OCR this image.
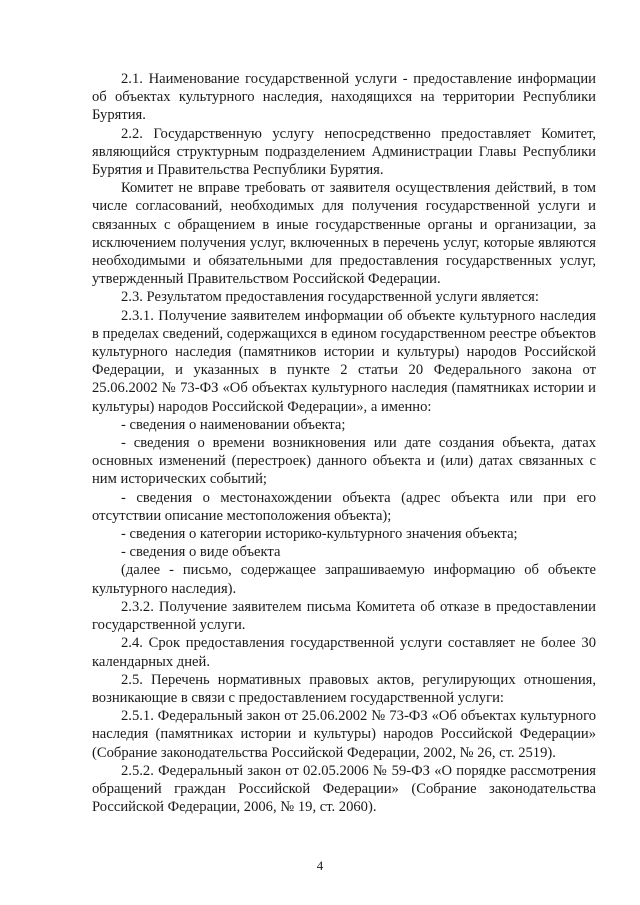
2.1. Наименование государственной услуги - предоставление информации об объектах культурного наследия, находящихся на территории Республики Бурятия.

2.2. Государственную услугу непосредственно предоставляет Комитет, являющийся структурным подразделением Администрации Главы Республики Бурятия и Правительства Республики Бурятия.

Комитет не вправе требовать от заявителя осуществления действий, в том числе согласований, необходимых для получения государственной услуги и связанных с обращением в иные государственные органы и организации, за исключением получения услуг, включенных в перечень услуг, которые являются необходимыми и обязательными для предоставления государственных услуг, утвержденный Правительством Российской Федерации.

2.3. Результатом предоставления государственной услуги является:

2.3.1. Получение заявителем информации об объекте культурного наследия в пределах сведений, содержащихся в едином государственном реестре объектов культурного наследия (памятников истории и культуры) народов Российской Федерации, и указанных в пункте 2 статьи 20 Федерального закона от 25.06.2002 № 73-ФЗ «Об объектах культурного наследия (памятниках истории и культуры) народов Российской Федерации», а именно:

- сведения о наименовании объекта;

- сведения о времени возникновения или дате создания объекта, датах основных изменений (перестроек) данного объекта и (или) датах связанных с ним исторических событий;

- сведения о местонахождении объекта (адрес объекта или при его отсутствии описание местоположения объекта);

- сведения о категории историко-культурного значения объекта;

- сведения о виде объекта

(далее - письмо, содержащее запрашиваемую информацию об объекте культурного наследия).

2.3.2. Получение заявителем письма Комитета об отказе в предоставлении государственной услуги.

2.4. Срок предоставления государственной услуги составляет не более 30 календарных дней.

2.5. Перечень нормативных правовых актов, регулирующих отношения, возникающие в связи с предоставлением государственной услуги:

2.5.1. Федеральный закон от 25.06.2002 № 73-ФЗ «Об объектах культурного наследия (памятниках истории и культуры) народов Российской Федерации» (Собрание законодательства Российской Федерации, 2002, № 26, ст. 2519).

2.5.2. Федеральный закон от 02.05.2006 № 59-ФЗ «О порядке рассмотрения обращений граждан Российской Федерации» (Собрание законодательства Российской Федерации, 2006, № 19, ст. 2060).

4
